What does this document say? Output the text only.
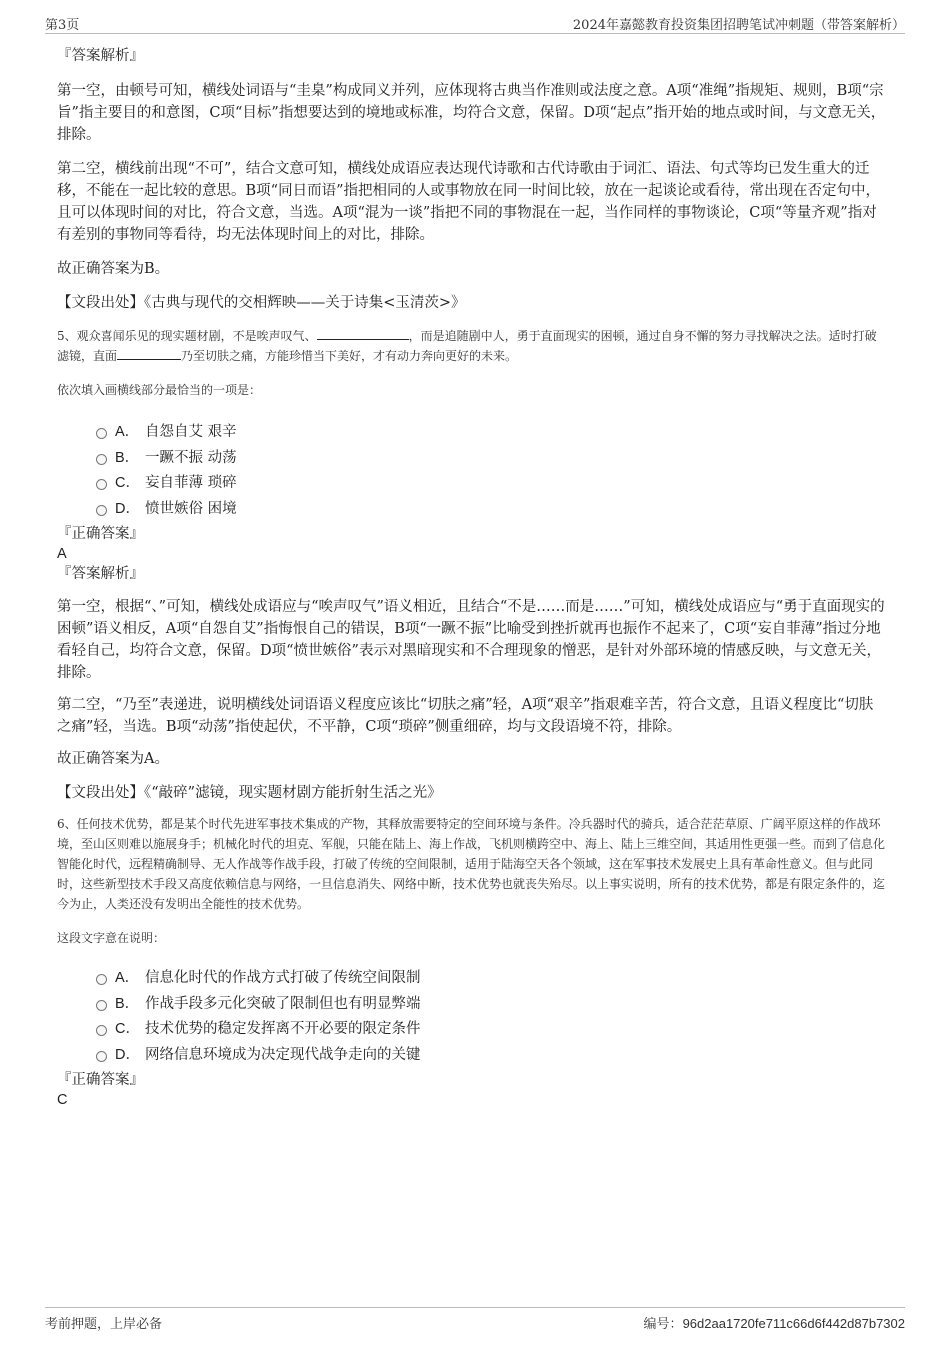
第3页	2024年嘉懿教育投资集团招聘笔试冲刺题（带答案解析）

『答案解析』

第一空，由顿号可知，横线处词语与“圭臬”构成同义并列，应体现将古典当作准则或法度之意。A项“准绳”指规矩、规则，B项“宗旨”指主要目的和意图，C项“目标”指想要达到的境地或标准，均符合文意，保留。D项“起点”指开始的地点或时间，与文意无关，排除。

第二空，横线前出现“不可”，结合文意可知，横线处成语应表达现代诗歌和古代诗歌由于词汇、语法、句式等均已发生重大的迁移，不能在一起比较的意思。B项“同日而语”指把相同的人或事物放在同一时间比较，放在一起谈论或看待，常出现在否定句中，且可以体现时间的对比，符合文意，当选。A项“混为一谈”指把不同的事物混在一起，当作同样的事物谈论，C项“等量齐观”指对有差别的事物同等看待，均无法体现时间上的对比，排除。

故正确答案为B。

【文段出处】《古典与现代的交相辉映——关于诗集<玉清茨>》

5、观众喜闻乐见的现实题材剧，不是唉声叹气、	，而是追随剧中人，勇于直面现实的困顿，通过自身不懈的努力寻找解决之法。适时打破滤镜，直面	乃至切肤之痛，方能珍惜当下美好，才有动力奔向更好的未来。

依次填入画横线部分最恰当的一项是：

A． 自怨自艾 艰辛
B． 一蹶不振 动荡
C． 妄自菲薄 琐碎
D． 愤世嫉俗 困境

『正确答案』

A

『答案解析』

第一空，根据“、”可知，横线处成语应与“唉声叹气”语义相近，且结合“不是……而是……”可知，横线处成语应与“勇于直面现实的困顿”语义相反，A项“自怨自艾”指悔恨自己的错误，B项“一蹶不振”比喻受到挫折就再也振作不起来了，C项“妄自菲薄”指过分地看轻自己，均符合文意，保留。D项“愤世嫉俗”表示对黑暗现实和不合理现象的憎恶，是针对外部环境的情感反映，与文意无关，排除。

第二空，“乃至”表递进，说明横线处词语语义程度应该比“切肤之痛”轻，A项“艰辛”指艰难辛苦，符合文意，且语义程度比“切肤之痛”轻，当选。B项“动荡”指使起伏，不平静，C项“琐碎”侧重细碎，均与文段语境不符，排除。

故正确答案为A。

【文段出处】《“敲碎”滤镜，现实题材剧方能折射生活之光》

6、任何技术优势，都是某个时代先进军事技术集成的产物，其释放需要特定的空间环境与条件。冷兵器时代的骑兵，适合茫茫草原、广阔平原这样的作战环境，至山区则难以施展身手；机械化时代的坦克、军舰，只能在陆上、海上作战，飞机则横跨空中、海上、陆上三维空间，其适用性更强一些。而到了信息化智能化时代，远程精确制导、无人作战等作战手段，打破了传统的空间限制，适用于陆海空天各个领域，这在军事技术发展史上具有革命性意义。但与此同时，这些新型技术手段又高度依赖信息与网络，一旦信息消失、网络中断，技术优势也就丧失殆尽。以上事实说明，所有的技术优势，都是有限定条件的，迄今为止，人类还没有发明出全能性的技术优势。

这段文字意在说明：

A． 信息化时代的作战方式打破了传统空间限制
B． 作战手段多元化突破了限制但也有明显弊端
C． 技术优势的稳定发挥离不开必要的限定条件
D． 网络信息环境成为决定现代战争走向的关键

『正确答案』

C

考前押题，上岸必备	编号：96d2aa1720fe711c66d6f442d87b7302
